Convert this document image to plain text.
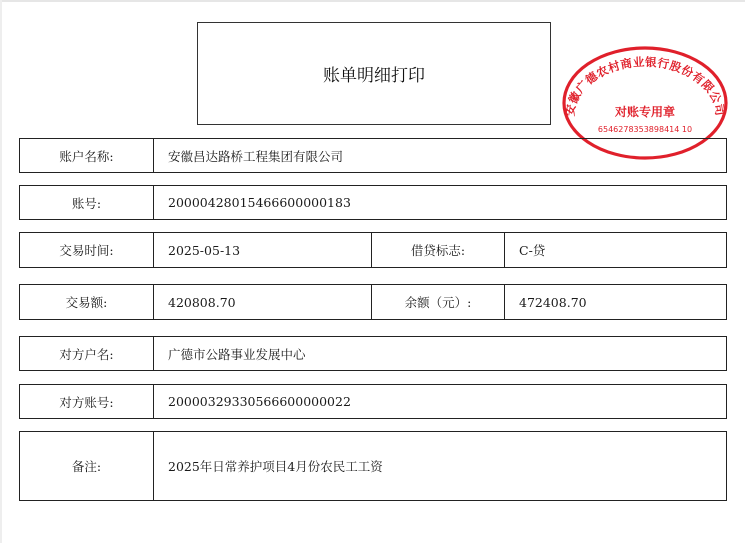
账单明细打印
安徽广德农村商业银行股份有限公司
对账专用章
6546278353898414 10
账户名称:	安徽昌达路桥工程集团有限公司
账号:	20000428015466600000183
交易时间:	2025-05-13	借贷标志:	C-贷
交易额:	420808.70	余额（元）:	472408.70
对方户名:	广德市公路事业发展中心
对方账号:	20000329330566600000022
备注:	2025年日常养护项目4月份农民工工资
